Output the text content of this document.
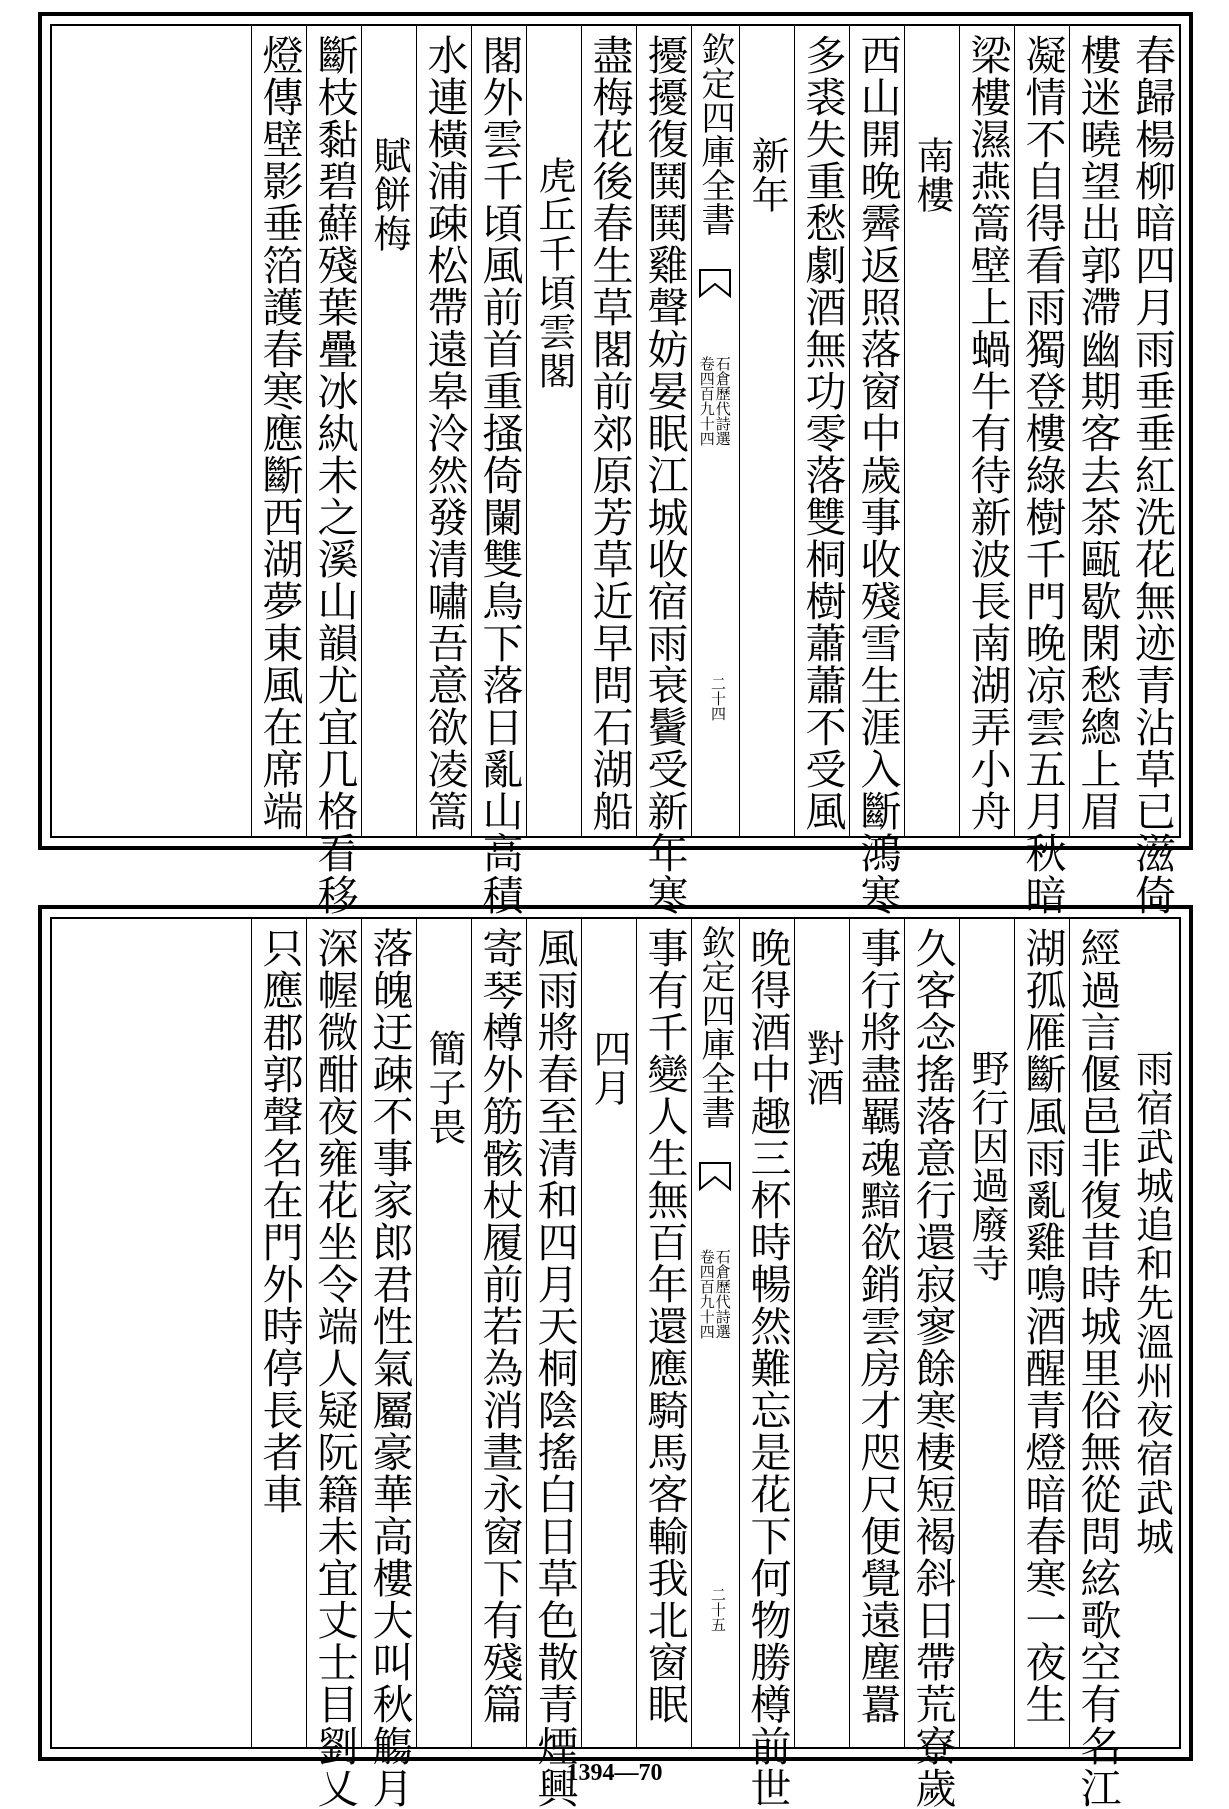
春歸楊柳暗四月雨垂垂紅洗花無迹青沾草已滋倚
樓迷曉望出郭滯幽期客去茶甌歇閑愁總上眉
凝情不自得看雨獨登樓綠樹千門晚凉雲五月秋暗
梁樓濕燕篙壁上蝸牛有待新波長南湖弄小舟
南樓
西山開晚霽返照落窗中歲事收殘雪生涯入斷鴻寒
多裘失重愁劇酒無功零落雙桐樹蕭蕭不受風
新年
欽定四庫全書
石倉歷代詩選
卷四百九十四
二十四
擾擾復鬨鬨雞聲妨晏眠江城收宿雨衰鬢受新年寒
盡梅花後春生草閣前郊原芳草近早問石湖船
虎丘千頃雲閣
閣外雲千頃風前首重搔倚闌雙鳥下落日亂山高積
水連橫浦疎松帶遠皋泠然發清嘯吾意欲凌篙
賦餅梅
斷枝黏碧蘚殘葉疊冰紈未之溪山韻尤宜几格看移
燈傳壁影垂箔護春寒應斷西湖夢東風在席端
雨宿武城追和先溫州夜宿武城
經過言偃邑非復昔時城里俗無從問絃歌空有名江
湖孤雁斷風雨亂雞鳴酒醒青燈暗春寒一夜生
野行因過廢寺
久客念搖落意行還寂寥餘寒棲短褐斜日帶荒寮歲
事行將盡羈魂黯欲銷雲房才咫尺便覺遠塵囂
對酒
晚得酒中趣三杯時暢然難忘是花下何物勝樽前世
欽定四庫全書
石倉歷代詩選
卷四百九十四
二十五
事有千變人生無百年還應騎馬客輸我北窗眠
四月
風雨將春至清和四月天桐陰搖白日草色散青煙興
寄琴樽外筋骸杖履前若為消晝永窗下有殘篇
簡子畏
落魄迂疎不事家郎君性氣屬豪華高樓大叫秋觴月
深幄微酣夜雍花坐令端人疑阮籍未宜丈士目劉乂
只應郡郭聲名在門外時停長者車
1394—70
